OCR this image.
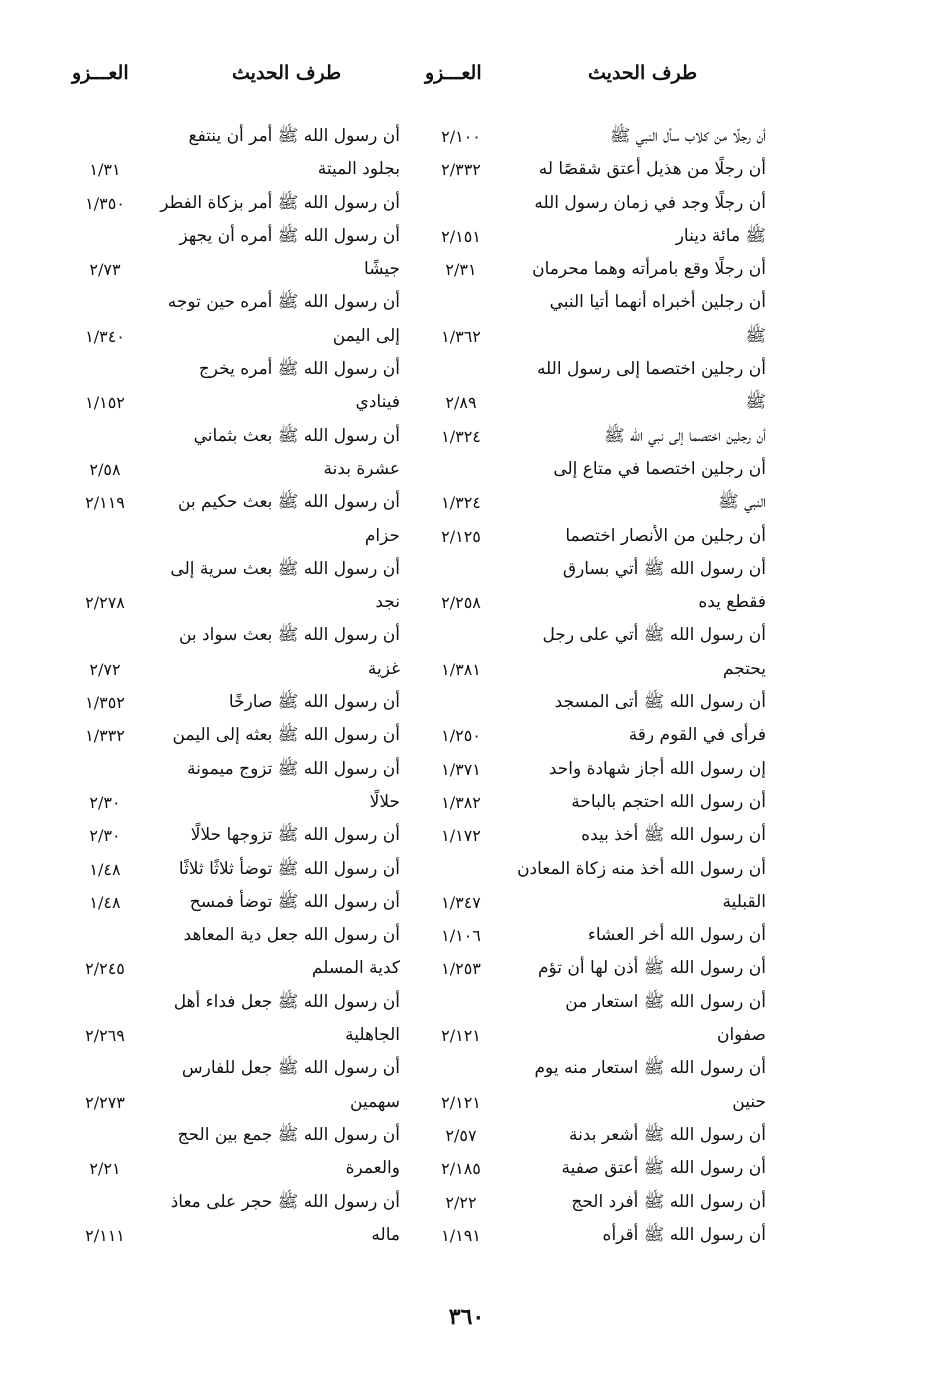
طرف الحديث
العـــزو
طرف الحديث
العـــزو
أن رجلًا من كلاب سأل النبي ﷺ
أن رجلًا من هذيل أعتق شقصًا له
أن رجلًا وجد في زمان رسول الله
ﷺ مائة دينار
أن رجلًا وقع بامرأته وهما محرمان
أن رجلين أخبراه أنهما أتيا النبي
ﷺ
أن رجلين اختصما إلى رسول الله
ﷺ
أن رجلين اختصما إلى نبي الله ﷺ
أن رجلين اختصما في متاع إلى
النبي ﷺ
أن رجلين من الأنصار اختصما
أن رسول الله ﷺ أتي بسارق
فقطع يده
أن رسول الله ﷺ أتي على رجل
يحتجم
أن رسول الله ﷺ أتى المسجد
فرأى في القوم رقة
إن رسول الله أجاز شهادة واحد
أن رسول الله احتجم بالباحة
أن رسول الله ﷺ أخذ بيده
أن رسول الله أخذ منه زكاة المعادن
القبلية
أن رسول الله أخر العشاء
أن رسول الله ﷺ أذن لها أن تؤم
أن رسول الله ﷺ استعار من
صفوان
أن رسول الله ﷺ استعار منه يوم
حنين
أن رسول الله ﷺ أشعر بدنة
أن رسول الله ﷺ أعتق صفية
أن رسول الله ﷺ أفرد الحج
أن رسول الله ﷺ أقرأه
٢/١٠٠
٢/٣٣٢
٢/١٥١
٢/٣١
١/٣٦٢
٢/٨٩
١/٣٢٤
١/٣٢٤
٢/١٢٥
٢/٢٥٨
١/٣٨١
١/٢٥٠
١/٣٧١
١/٣٨٢
١/١٧٢
١/٣٤٧
١/١٠٦
١/٢٥٣
٢/١٢١
٢/١٢١
٢/٥٧
٢/١٨٥
٢/٢٢
١/١٩١
أن رسول الله ﷺ أمر أن ينتفع
بجلود الميتة
أن رسول الله ﷺ أمر بزكاة الفطر
أن رسول الله ﷺ أمره أن يجهز
جيشًا
أن رسول الله ﷺ أمره حين توجه
إلى اليمن
أن رسول الله ﷺ أمره يخرج
فينادي
أن رسول الله ﷺ بعث بثماني
عشرة بدنة
أن رسول الله ﷺ بعث حكيم بن
حزام
أن رسول الله ﷺ بعث سرية إلى
نجد
أن رسول الله ﷺ بعث سواد بن
غزية
أن رسول الله ﷺ صارخًا
أن رسول الله ﷺ بعثه إلى اليمن
أن رسول الله ﷺ تزوج ميمونة
حلالًا
أن رسول الله ﷺ تزوجها حلالًا
أن رسول الله ﷺ توضأ ثلاثًا ثلاثًا
أن رسول الله ﷺ توضأ فمسح
أن رسول الله جعل دية المعاهد
كدية المسلم
أن رسول الله ﷺ جعل فداء أهل
الجاهلية
أن رسول الله ﷺ جعل للفارس
سهمين
أن رسول الله ﷺ جمع بين الحج
والعمرة
أن رسول الله ﷺ حجر على معاذ
ماله
١/٣١
١/٣٥٠
٢/٧٣
١/٣٤٠
١/١٥٢
٢/٥٨
٢/١١٩
٢/٢٧٨
٢/٧٢
١/٣٥٢
١/٣٣٢
٢/٣٠
٢/٣٠
١/٤٨
١/٤٨
٢/٢٤٥
٢/٢٦٩
٢/٢٧٣
٢/٢١
٢/١١١
٣٦٠
